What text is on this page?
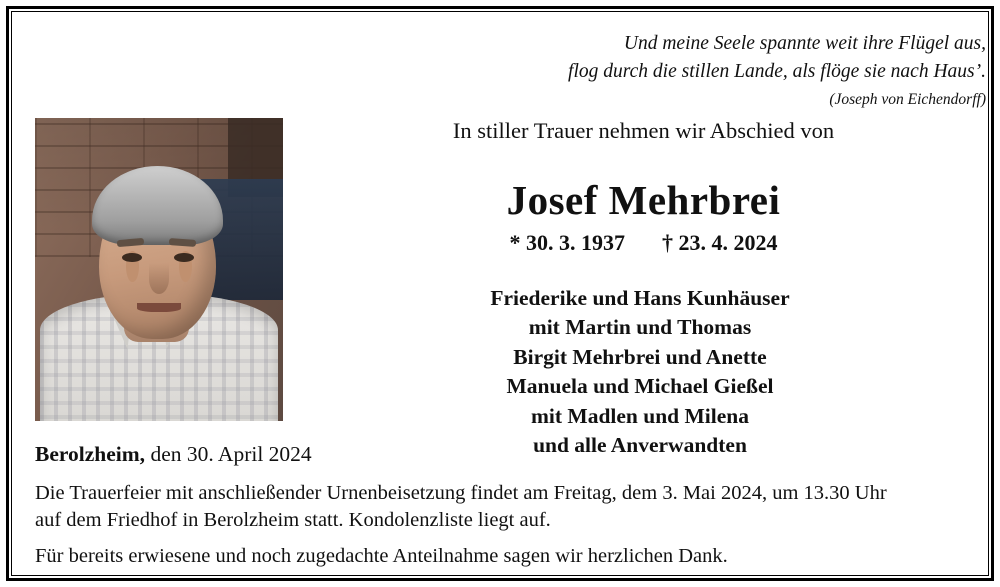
Und meine Seele spannte weit ihre Flügel aus,
flog durch die stillen Lande, als flöge sie nach Haus’.
(Joseph von Eichendorff)
In stiller Trauer nehmen wir Abschied von
Josef Mehrbrei
* 30. 3. 1937 † 23. 4. 2024
Friederike und Hans Kunhäuser
mit Martin und Thomas
Birgit Mehrbrei und Anette
Manuela und Michael Gießel
mit Madlen und Milena
und alle Anverwandten
Berolzheim, den 30. April 2024

Die Trauerfeier mit anschließender Urnenbeisetzung findet am Freitag, dem 3. Mai 2024, um 13.30 Uhr

auf dem Friedhof in Berolzheim statt. Kondolenzliste liegt auf.

Für bereits erwiesene und noch zugedachte Anteilnahme sagen wir herzlichen Dank.
